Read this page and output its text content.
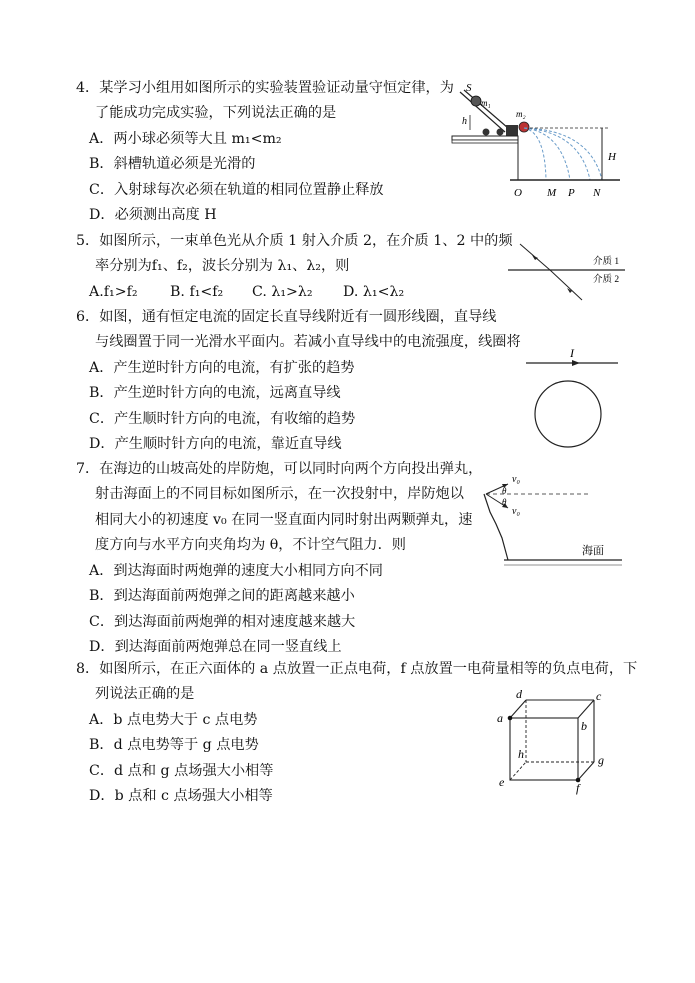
4．某学习小组用如图所示的实验装置验证动量守恒定律，为
了能成功完成实验，下列说法正确的是
A．两小球必须等大且 m₁<m₂
B．斜槽轨道必须是光滑的
C．入射球每次必须在轨道的相同位置静止释放
D．必须测出高度 H
S
m₁
h
m₂
H
O M P N
5．如图所示，一束单色光从介质 1 射入介质 2，在介质 1、2 中的频
率分别为f₁、f₂，波长分别为 λ₁、λ₂，则
A.f₁>f₂ B. f₁<f₂ C. λ₁>λ₂ D. λ₁<λ₂
介质 1
介质 2
6．如图，通有恒定电流的固定长直导线附近有一圆形线圈，直导线
与线圈置于同一光滑水平面内。若减小直导线中的电流强度，线圈将
A．产生逆时针方向的电流，有扩张的趋势
B．产生逆时针方向的电流，远离直导线
C．产生顺时针方向的电流，有收缩的趋势
D．产生顺时针方向的电流，靠近直导线
I
7．在海边的山坡高处的岸防炮，可以同时向两个方向投出弹丸，
射击海面上的不同目标如图所示，在一次投射中，岸防炮以
相同大小的初速度 v₀ 在同一竖直面内同时射出两颗弹丸，速
度方向与水平方向夹角均为 θ，不计空气阻力．则
A．到达海面时两炮弹的速度大小相同方向不同
B．到达海面前两炮弹之间的距离越来越小
C．到达海面前两炮弹的相对速度越来越大
D．到达海面前两炮弹总在同一竖直线上
v₀
v₀
θ
θ
海面
8．如图所示，在正六面体的 a 点放置一正点电荷，f 点放置一电荷量相等的负点电荷，下
列说法正确的是
A．b 点电势大于 c 点电势
B．d 点电势等于 g 点电势
C．d 点和 g 点场强大小相等
D．b 点和 c 点场强大小相等
a
b
c
d
e	f
g
h
